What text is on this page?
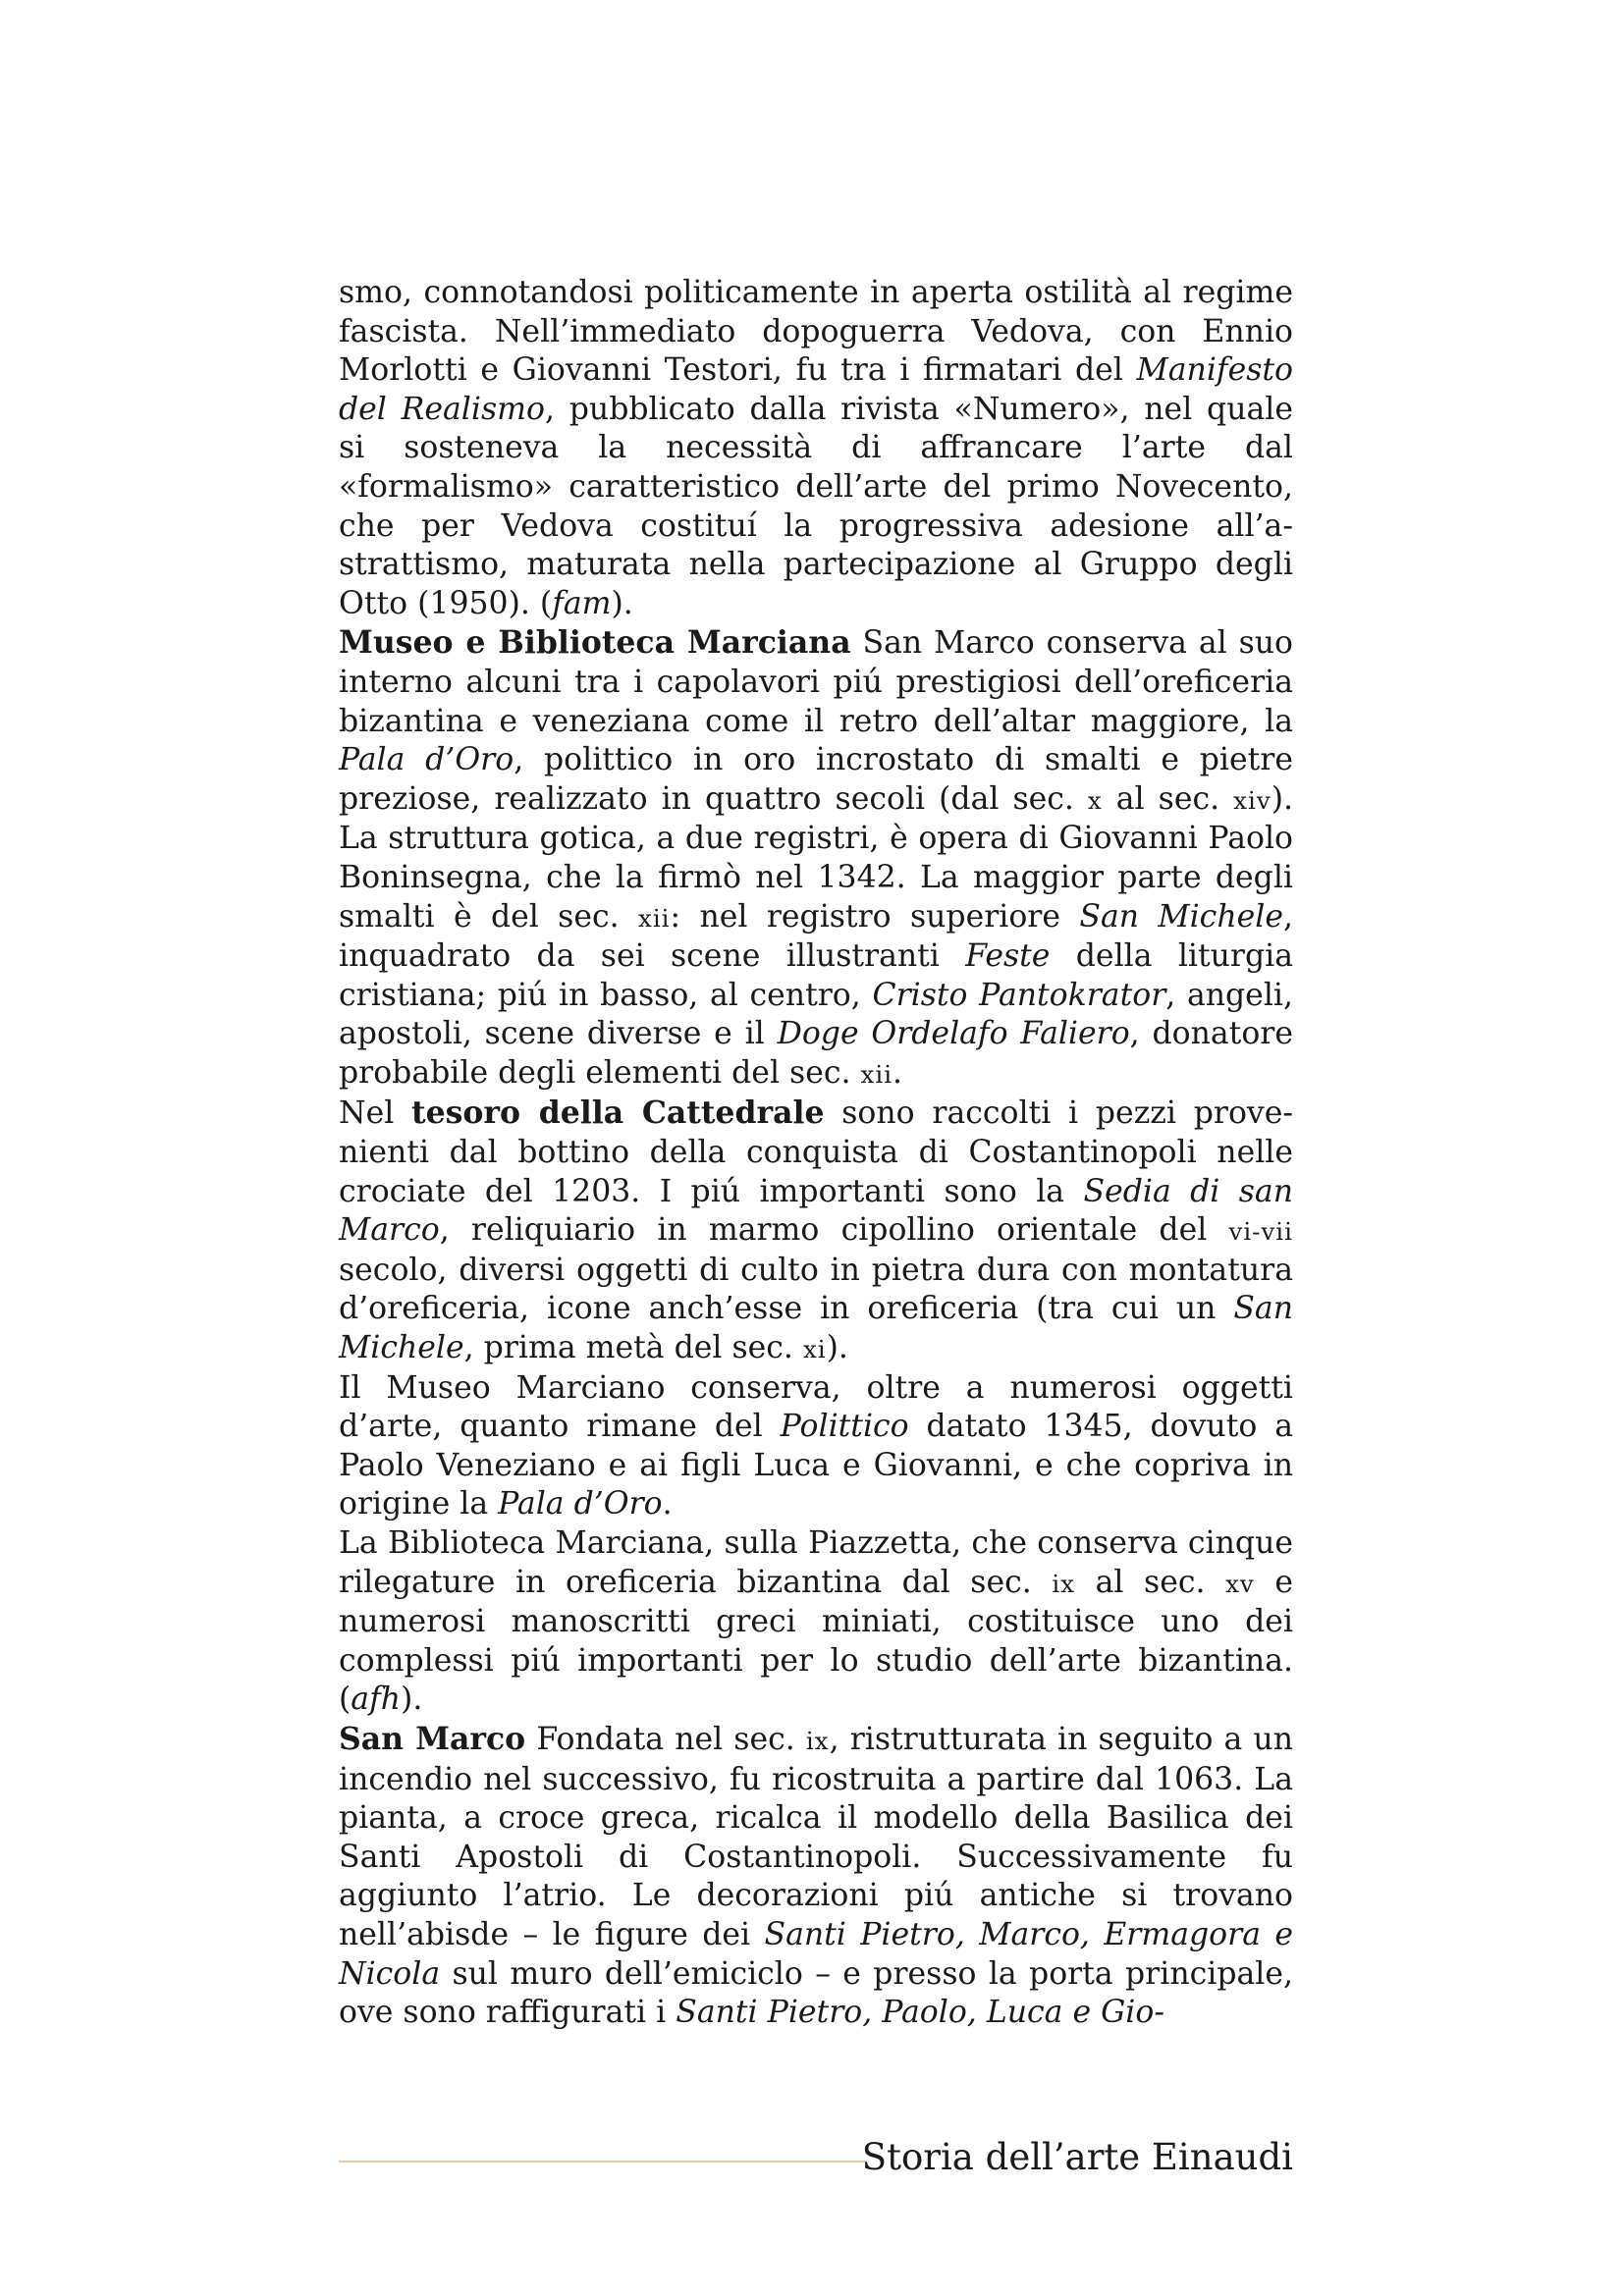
smo, connotandosi politicamente in aperta ostilità al regime fascista. Nell’immediato dopoguerra Vedova, con Ennio Morlotti e Giovanni Testori, fu tra i firmatari del Manifesto del Realismo, pubblicato dalla rivista «Numero», nel quale si sosteneva la necessità di affrancare l’arte dal «formalismo» caratteristico dell’arte del primo Novecento, che per Vedova costituí la progressiva adesione all’astrattismo, maturata nella partecipazione al Gruppo degli Otto (1950). (fam).

Museo e Biblioteca Marciana San Marco conserva al suo interno alcuni tra i capolavori piú prestigiosi dell’oreficeria bizantina e veneziana come il retro dell’altar maggiore, la Pala d’Oro, polittico in oro incrostato di smalti e pietre preziose, realizzato in quattro secoli (dal sec. x al sec. xiv). La struttura gotica, a due registri, è opera di Giovanni Paolo Boninsegna, che la firmò nel 1342. La maggior parte degli smalti è del sec. xii: nel registro superiore San Michele, inquadrato da sei scene illustranti Feste della liturgia cristiana; piú in basso, al centro, Cristo Pantokrator, angeli, apostoli, scene diverse e il Doge Ordelafo Faliero, donatore probabile degli elementi del sec. xii.

Nel tesoro della Cattedrale sono raccolti i pezzi provenienti dal bottino della conquista di Costantinopoli nelle crociate del 1203. I piú importanti sono la Sedia di san Marco, reliquiario in marmo cipollino orientale del vi-vii secolo, diversi oggetti di culto in pietra dura con montatura d’oreficeria, icone anch’esse in oreficeria (tra cui un San Michele, prima metà del sec. xi).

Il Museo Marciano conserva, oltre a numerosi oggetti d’arte, quanto rimane del Polittico datato 1345, dovuto a Paolo Veneziano e ai figli Luca e Giovanni, e che copriva in origine la Pala d’Oro.

La Biblioteca Marciana, sulla Piazzetta, che conserva cinque rilegature in oreficeria bizantina dal sec. ix al sec. xv e numerosi manoscritti greci miniati, costituisce uno dei complessi piú importanti per lo studio dell’arte bizantina. (afh).

San Marco Fondata nel sec. ix, ristrutturata in seguito a un incendio nel successivo, fu ricostruita a partire dal 1063. La pianta, a croce greca, ricalca il modello della Basilica dei Santi Apostoli di Costantinopoli. Successivamente fu aggiunto l’atrio. Le decorazioni piú antiche si trovano nell’abisde – le figure dei Santi Pietro, Marco, Ermagora e Nicola sul muro dell’emiciclo – e presso la porta principale, ove sono raffigurati i Santi Pietro, Paolo, Luca e Gio-

Storia dell’arte Einaudi
